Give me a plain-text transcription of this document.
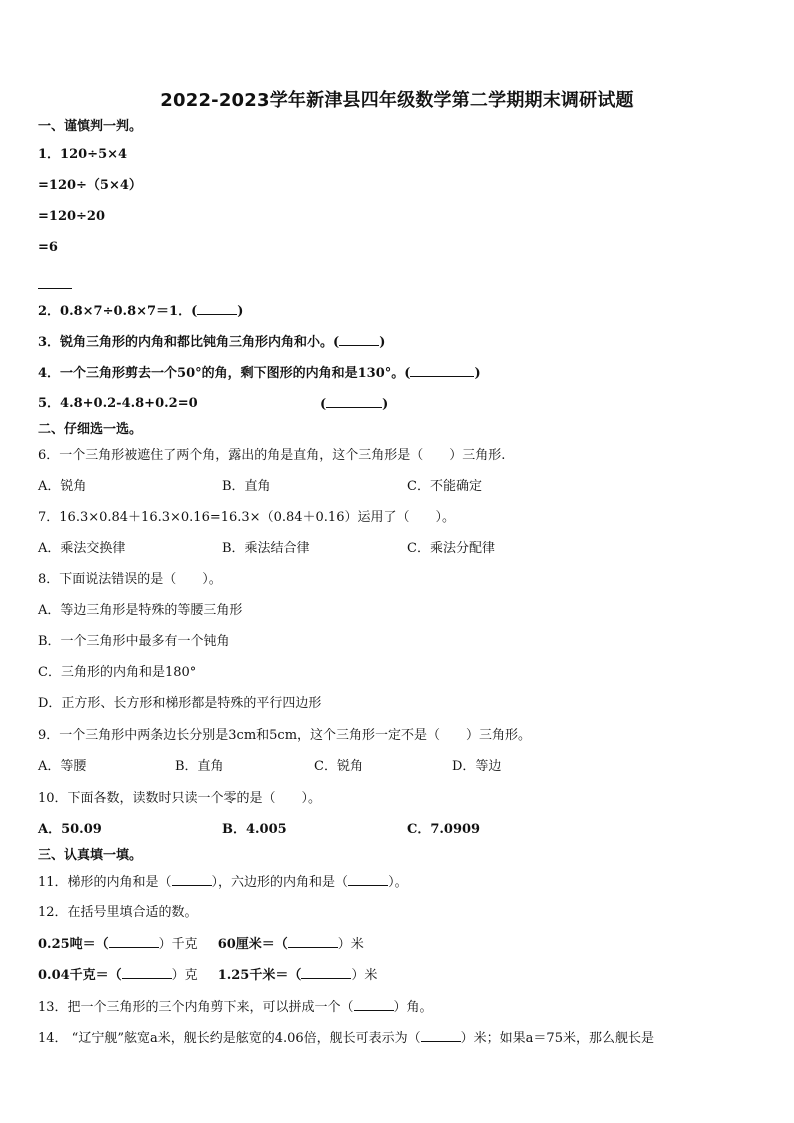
2022-2023学年新津县四年级数学第二学期期末调研试题
一、谨慎判一判。
1．120÷5×4
=120÷（5×4）
=120÷20
=6
2．0.8×7÷0.8×7＝1．(	)
3．锐角三角形的内角和都比钝角三角形内角和小。(	)
4．一个三角形剪去一个50°的角，剩下图形的内角和是130°。(	)
5．4.8+0.2-4.8+0.2=0	(	)
二、仔细选一选。
6．一个三角形被遮住了两个角，露出的角是直角，这个三角形是（　　）三角形.
A．锐角	B．直角	C．不能确定
7．16.3×0.84＋16.3×0.16=16.3×（0.84＋0.16）运用了（　　）。
A．乘法交换律	B．乘法结合律	C．乘法分配律
8．下面说法错误的是（　　）。
A．等边三角形是特殊的等腰三角形
B．一个三角形中最多有一个钝角
C．三角形的内角和是180°
D．正方形、长方形和梯形都是特殊的平行四边形
9．一个三角形中两条边长分别是3cm和5cm，这个三角形一定不是（　　）三角形。
A．等腰	B．直角	C．锐角	D．等边
10．下面各数，读数时只读一个零的是（　　）。
A．50.09	B．4.005	C．7.0909
三、认真填一填。
11．梯形的内角和是（	），六边形的内角和是（	）。
12．在括号里填合适的数。
0.25吨＝（	）千克 60厘米＝（	）米
0.04千克＝（	）克 1.25千米＝（	）米
13．把一个三角形的三个内角剪下来，可以拼成一个（	）角。
14． “辽宁舰”舷宽a米，舰长约是舷宽的4.06倍，舰长可表示为（	）米；如果a＝75米，那么舰长是
